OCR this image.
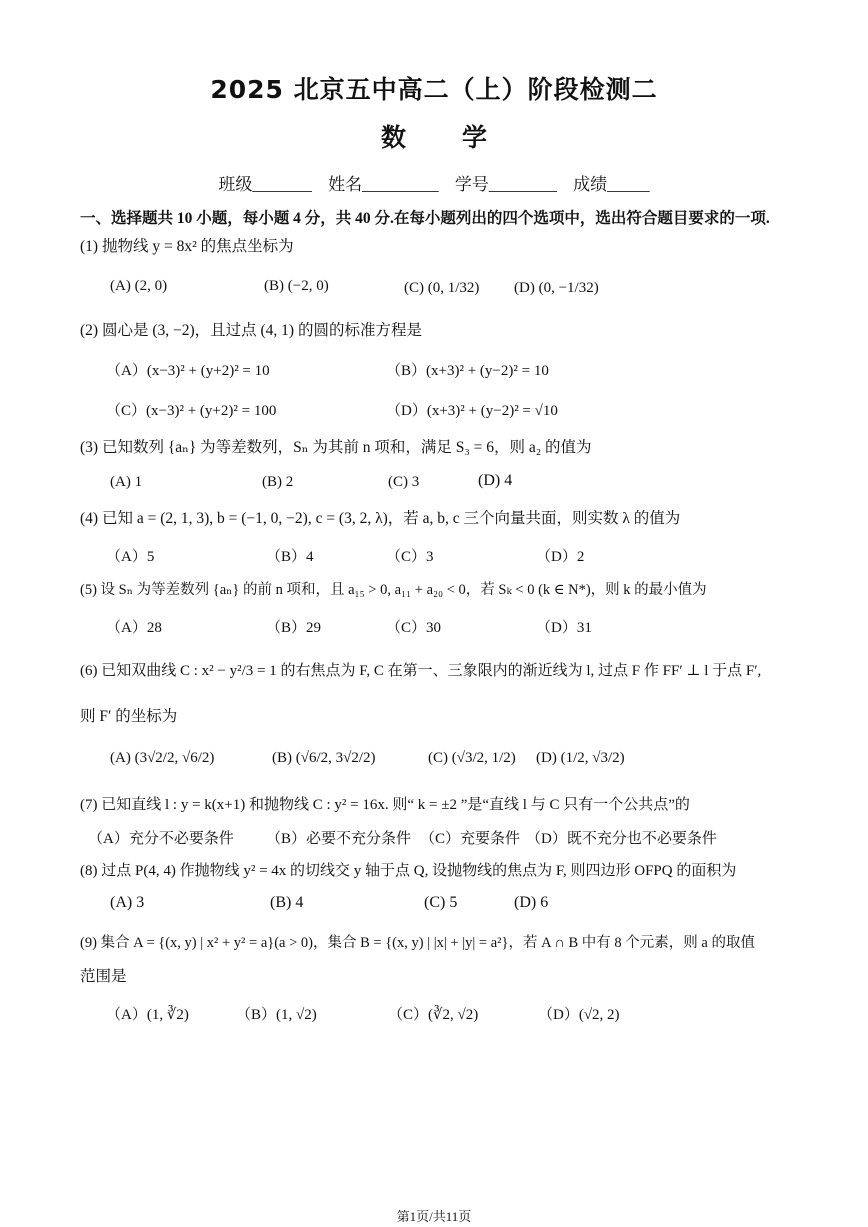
2025 北京五中高二（上）阶段检测二
数学
班级_______ 姓名_________ 学号________ 成绩_____
一、选择题共 10 小题，每小题 4 分，共 40 分.在每小题列出的四个选项中，选出符合题目要求的一项.
(1) 抛物线 y = 8x² 的焦点坐标为
(A) (2, 0)	(B) (−2, 0)	(C) (0, 1/32) (D) (0, −1/32)
(2) 圆心是 (3, −2)，且过点 (4, 1) 的圆的标准方程是
（A）(x−3)² + (y+2)² = 10	（B）(x+3)² + (y−2)² = 10
（C）(x−3)² + (y+2)² = 100	（D）(x+3)² + (y−2)² = √10
(3) 已知数列 {aₙ} 为等差数列，Sₙ 为其前 n 项和，满足 S₃ = 6，则 a₂ 的值为
(A) 1	(B) 2	(C) 3	(D) 4
(4) 已知 a = (2, 1, 3), b = (−1, 0, −2), c = (3, 2, λ)，若 a, b, c 三个向量共面，则实数 λ 的值为
（A）5	（B）4	（C）3	（D）2
(5) 设 Sₙ 为等差数列 {aₙ} 的前 n 项和，且 a₁₅ > 0, a₁₁ + a₂₀ < 0，若 Sₖ < 0 (k ∈ N*)，则 k 的最小值为
（A）28	（B）29	（C）30	（D）31
(6) 已知双曲线 C : x² − y²/3 = 1 的右焦点为 F, C 在第一、三象限内的渐近线为 l, 过点 F 作 FF′ ⊥ l 于点 F′,
则 F′ 的坐标为
(A) (3√2/2, √6/2)	(B) (√6/2, 3√2/2)	(C) (√3/2, 1/2) (D) (1/2, √3/2)
(7) 已知直线 l : y = k(x+1) 和抛物线 C : y² = 16x. 则“ k = ±2 ”是“直线 l 与 C 只有一个公共点”的
（A）充分不必要条件 （B）必要不充分条件 （C）充要条件 （D）既不充分也不必要条件
(8) 过点 P(4, 4) 作抛物线 y² = 4x 的切线交 y 轴于点 Q, 设抛物线的焦点为 F, 则四边形 OFPQ 的面积为
(A) 3	(B) 4	(C) 5	(D) 6
(9) 集合 A = {(x, y) | x² + y² = a}(a > 0)，集合 B = {(x, y) | |x| + |y| = a²}，若 A ∩ B 中有 8 个元素，则 a 的取值
范围是
（A）(1, ∛2)	（B）(1, √2)	（C）(∛2, √2)	（D）(√2, 2)
第1页/共11页
